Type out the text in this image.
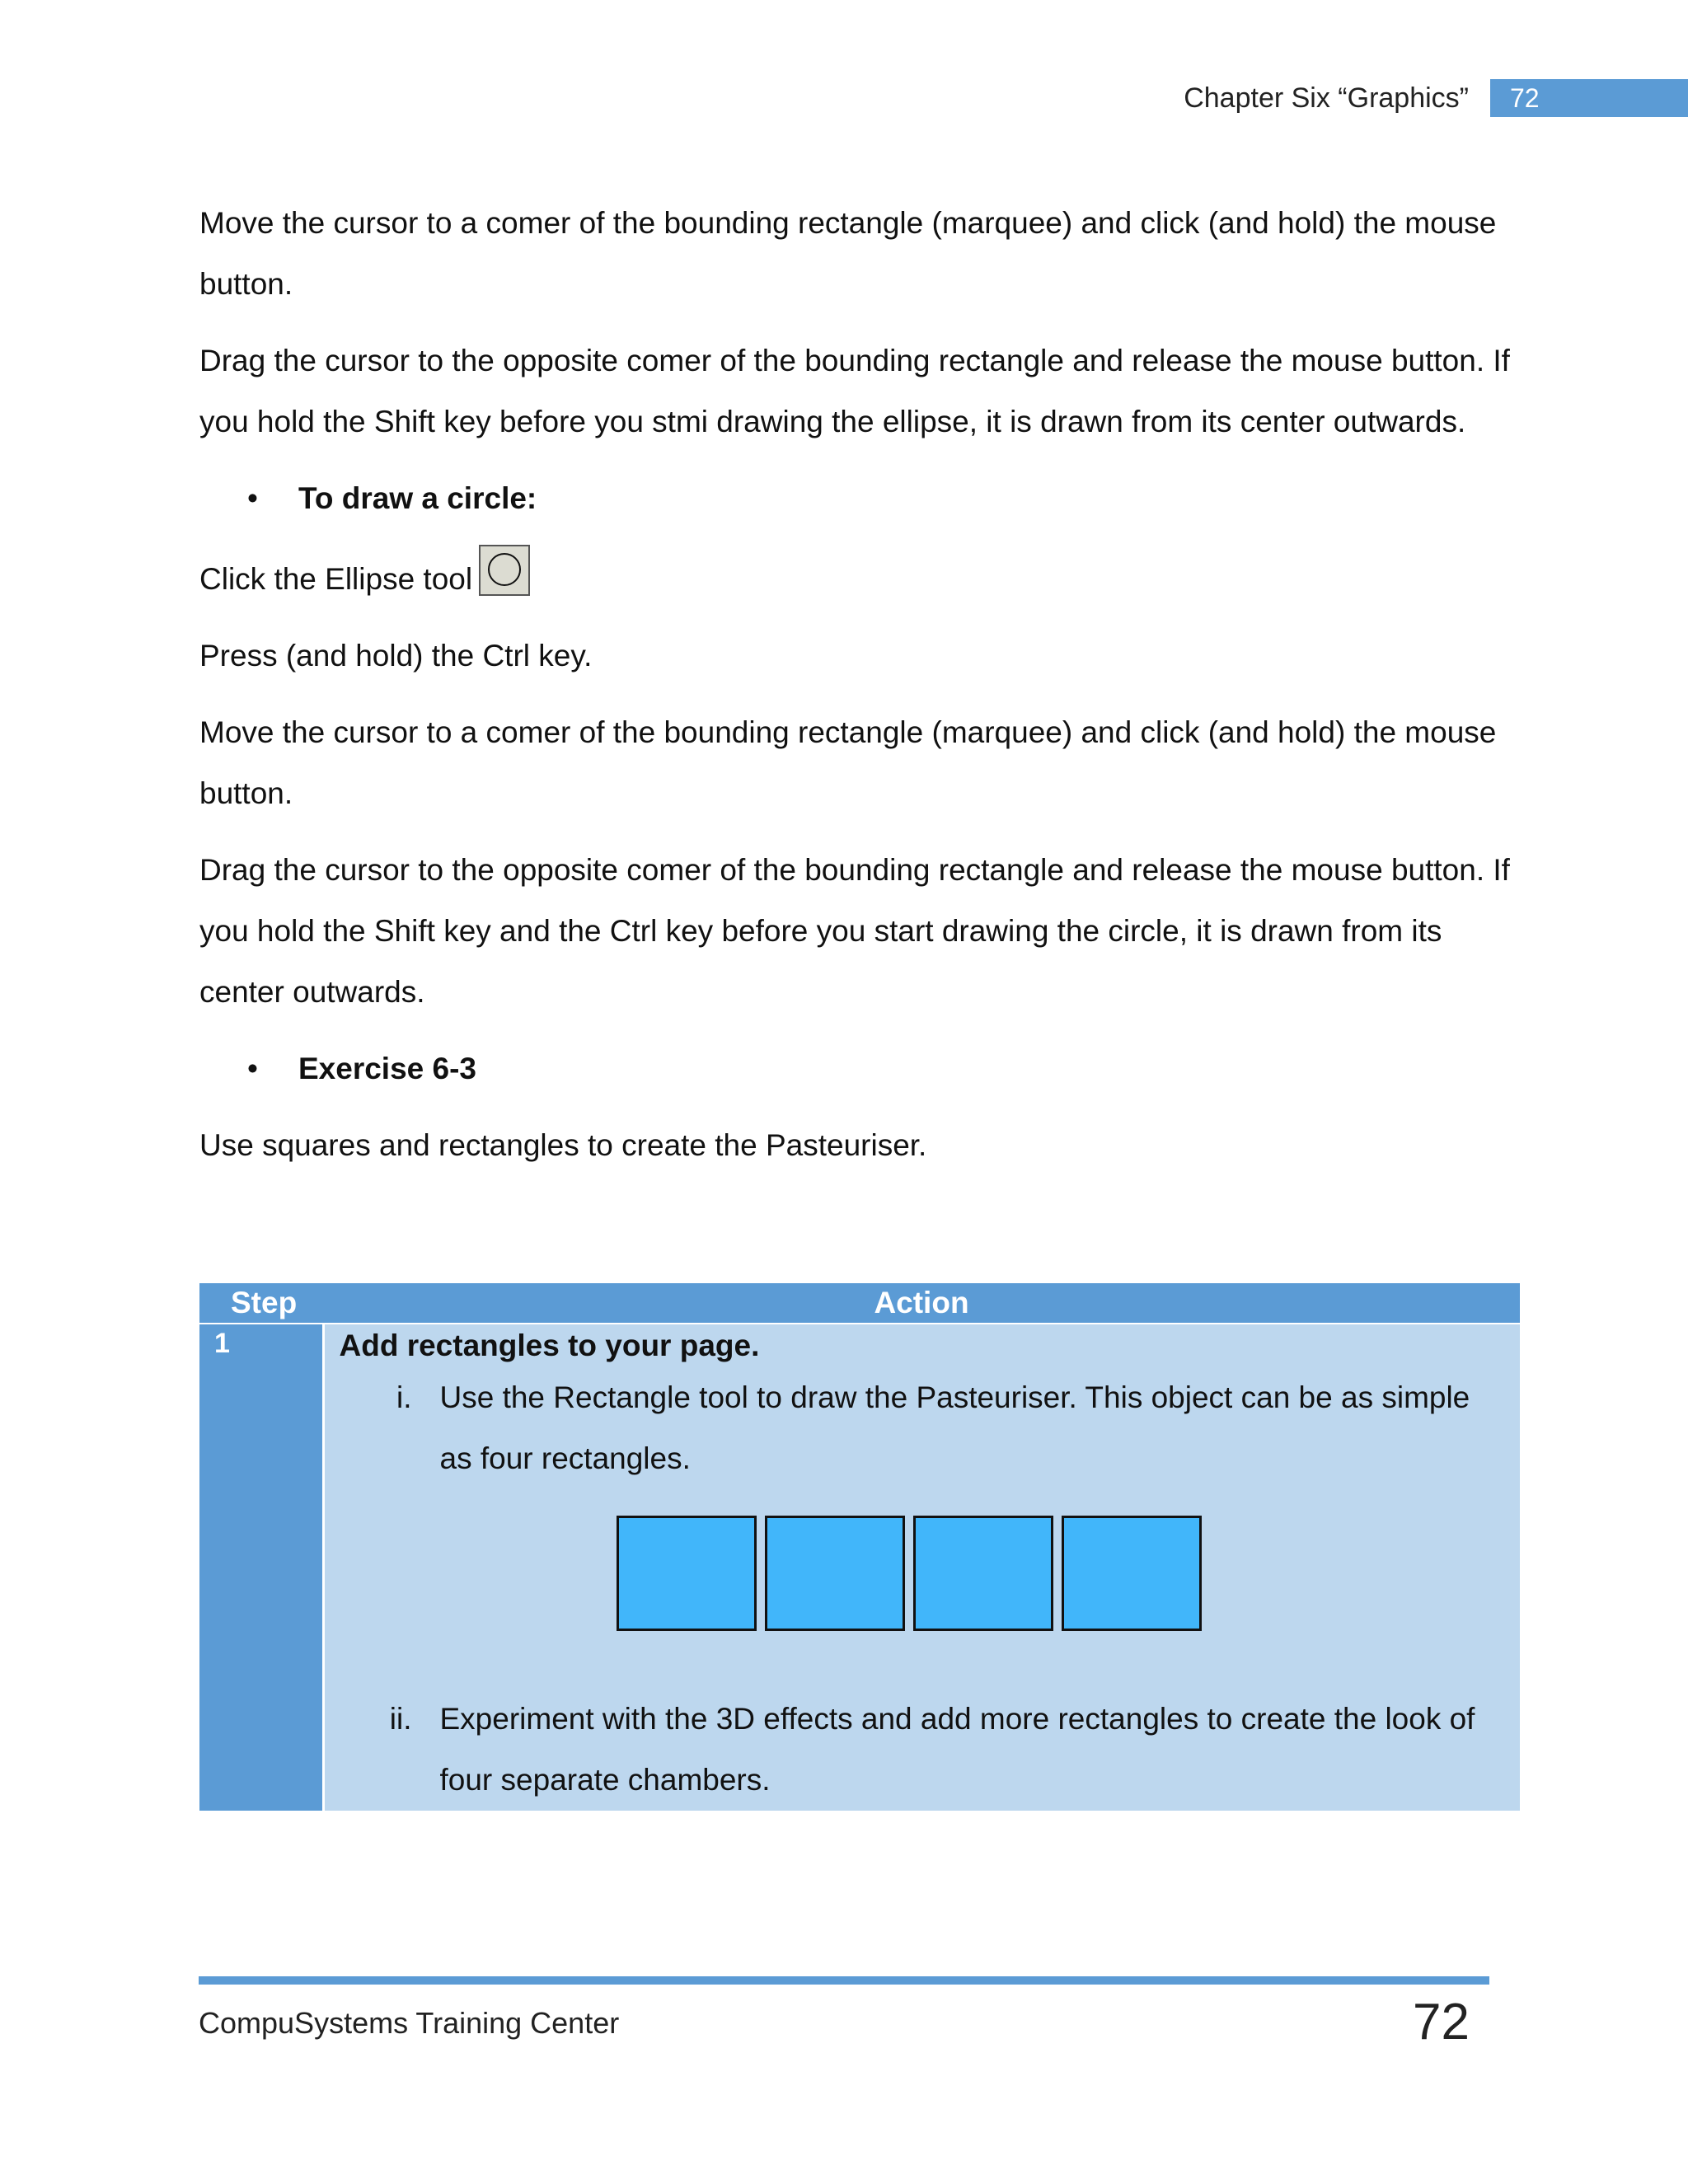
Chapter Six “Graphics”	72

Move the cursor to a comer of the bounding rectangle (marquee) and click (and hold) the mouse button.

Drag the cursor to the opposite comer of the bounding rectangle and release the mouse button. If you hold the Shift key before you stmi drawing the ellipse, it is drawn from its center outwards.

• To draw a circle:

Click the Ellipse tool

Press (and hold) the Ctrl key.

Move the cursor to a comer of the bounding rectangle (marquee) and click (and hold) the mouse button.

Drag the cursor to the opposite comer of the bounding rectangle and release the mouse button. If you hold the Shift key and the Ctrl key before you start drawing the circle, it is drawn from its center outwards.

• Exercise 6-3

Use squares and rectangles to create the Pasteuriser.

Step	Action
1	Add rectangles to your page.
i. Use the Rectangle tool to draw the Pasteuriser. This object can be as simple as four rectangles.
ii. Experiment with the 3D effects and add more rectangles to create the look of four separate chambers.
CompuSystems Training Center	72
